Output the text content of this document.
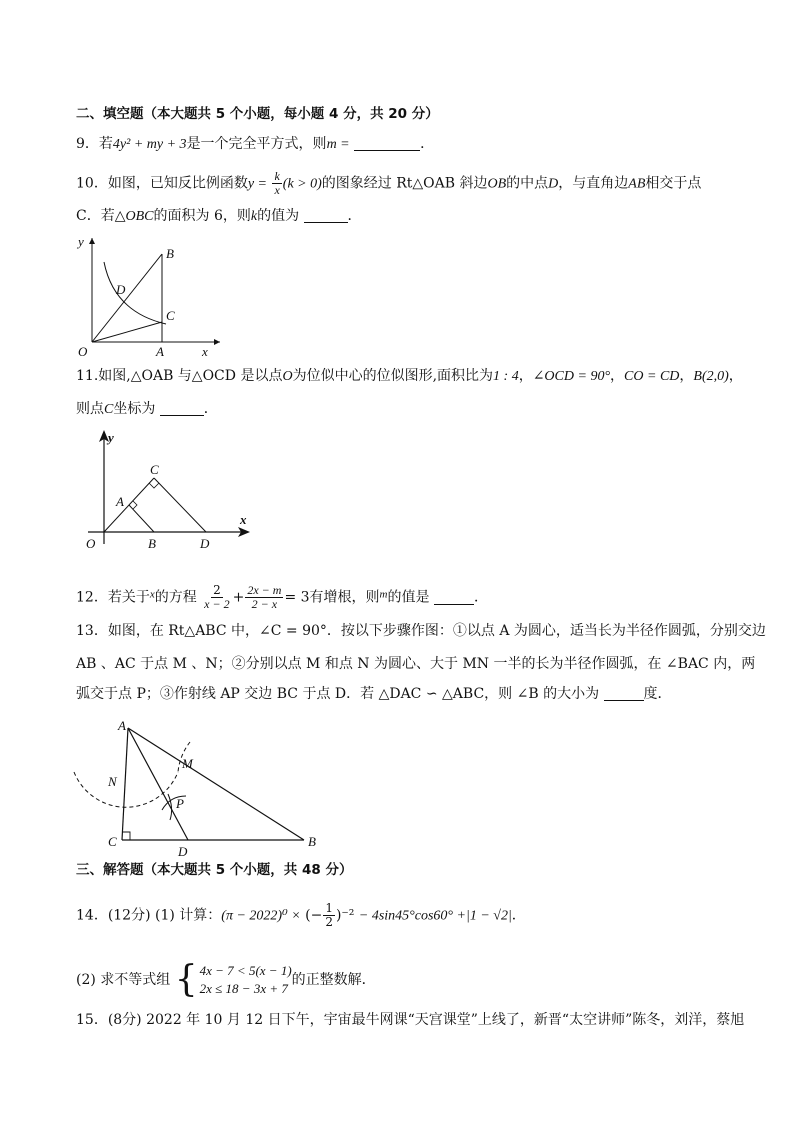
二、填空题（本大题共 5 个小题，每小题 4 分，共 20 分）
9．若4y² + my + 3是一个完全平方式，则m =	．
10．如图，已知反比例函数$y = \frac{k}{x} (k > 0)$的图象经过 Rt△OAB 斜边OB的中点D，与直角边AB相交于点
C．若△OBC的面积为 6，则k的值为	．
y
x
O	A
B
C
D
11.如图,△OAB 与△OCD 是以点O为位似中心的位似图形,面积比为1 : 4，∠OCD = 90°，CO = CD，B(2,0)，
则点C坐标为	．
y
x
O
A
B
C
D
12．若关于$^x$的方程 $\frac{2}{x - 2} + \frac{2x - m}{2 - x} = 3$有增根，则$^m$的值是	．
13．如图，在 Rt△ABC 中，∠C = 90°．按以下步骤作图：①以点 A 为圆心，适当长为半径作圆弧，分别交边
AB 、AC 于点 M 、N；②分别以点 M 和点 N 为圆心、大于 MN 一半的长为半径作圆弧，在 ∠BAC 内，两
弧交于点 P；③作射线 AP 交边 BC 于点 D．若 △DAC ∽ △ABC，则 ∠B 的大小为	度．
A
B
C
D
M
N
P
三、解答题（本大题共 5 个小题，共 48 分）
14．(12分) (1) 计算：(π − 2022)⁰ × (− $\frac{1}{2} )^{-2} - 4\sin 45^\circ\cos 60^\circ +|1 - √2|$．
(2) 求不等式组 { 4x − 7 < 5(x − 1)
2x ≤ 18 − 3x + 7
的正整数解．
15．(8分) 2022 年 10 月 12 日下午，宇宙最牛网课“天宫课堂”上线了，新晋“太空讲师”陈冬，刘洋，蔡旭
